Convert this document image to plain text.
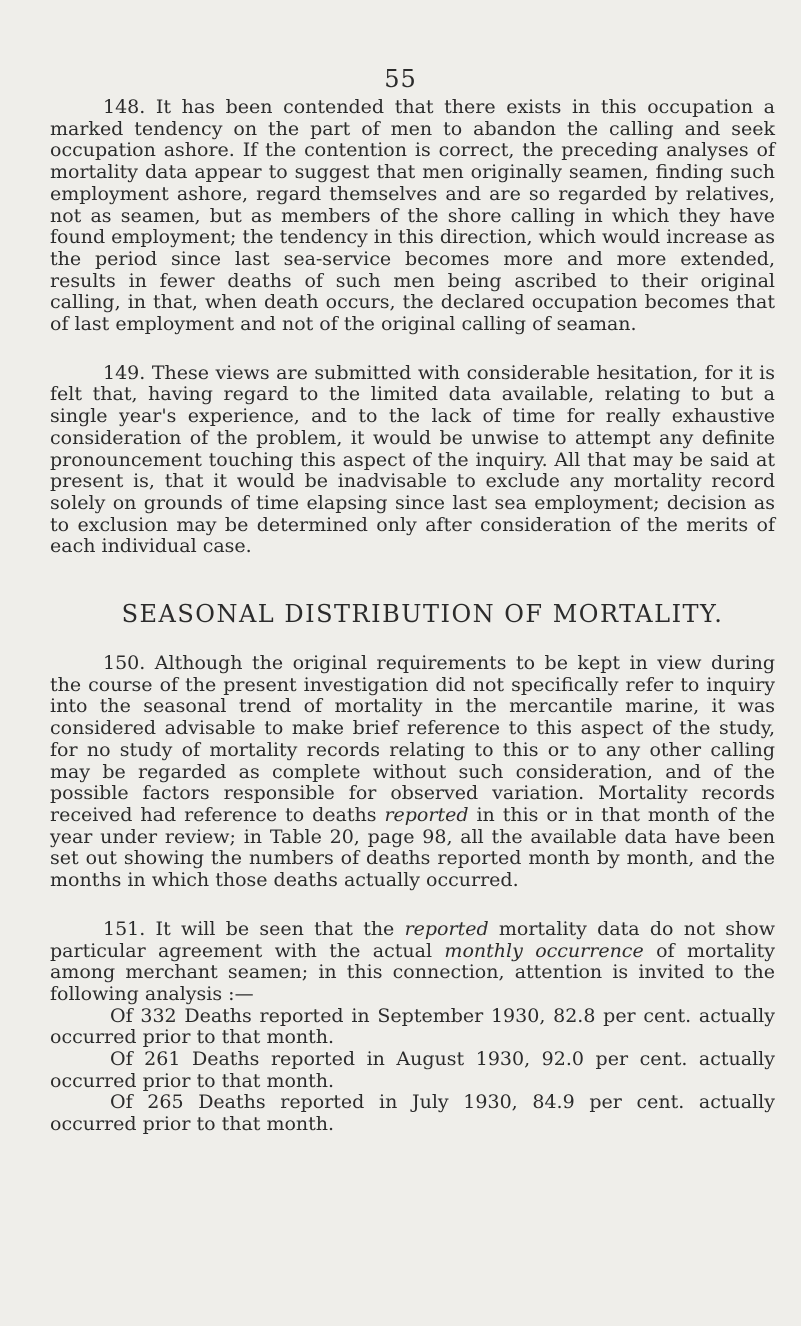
55

148. It has been contended that there exists in this occupation a marked tendency on the part of men to abandon the calling and seek occupation ashore. If the contention is correct, the preceding analyses of mortality data appear to suggest that men originally seamen, finding such employment ashore, regard themselves and are so regarded by relatives, not as seamen, but as members of the shore calling in which they have found employment; the tendency in this direction, which would increase as the period since last sea-service becomes more and more extended, results in fewer deaths of such men being ascribed to their original calling, in that, when death occurs, the declared occupation becomes that of last employment and not of the original calling of seaman.

149. These views are submitted with considerable hesitation, for it is felt that, having regard to the limited data available, relating to but a single year's experience, and to the lack of time for really exhaustive consideration of the problem, it would be unwise to attempt any definite pronouncement touching this aspect of the inquiry. All that may be said at present is, that it would be inadvisable to exclude any mortality record solely on grounds of time elapsing since last sea employment; decision as to exclusion may be determined only after consideration of the merits of each individual case.

SEASONAL DISTRIBUTION OF MORTALITY.

150. Although the original requirements to be kept in view during the course of the present investigation did not specifically refer to inquiry into the seasonal trend of mortality in the mercantile marine, it was considered advisable to make brief reference to this aspect of the study, for no study of mortality records relating to this or to any other calling may be regarded as complete without such consideration, and of the possible factors responsible for observed variation. Mortality records received had reference to deaths reported in this or in that month of the year under review; in Table 20, page 98, all the available data have been set out showing the numbers of deaths reported month by month, and the months in which those deaths actually occurred.

151. It will be seen that the reported mortality data do not show particular agreement with the actual monthly occurrence of mortality among merchant seamen; in this connection, attention is invited to the following analysis :—

Of 332 Deaths reported in September 1930, 82.8 per cent. actually occurred prior to that month.
Of 261 Deaths reported in August 1930, 92.0 per cent. actually occurred prior to that month.
Of 265 Deaths reported in July 1930, 84.9 per cent. actually occurred prior to that month.
